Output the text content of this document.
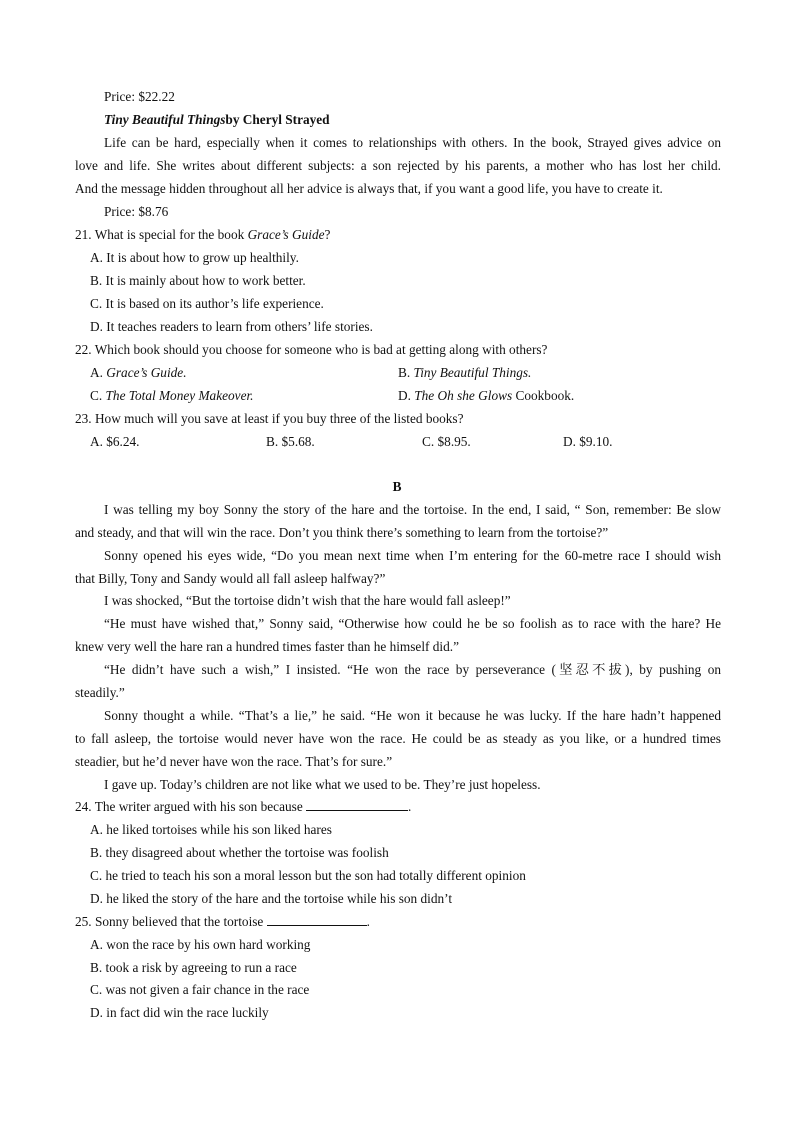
Price: $22.22
Tiny Beautiful Thingsby Cheryl Strayed
Life can be hard, especially when it comes to relationships with others. In the book, Strayed gives advice on
love and life. She writes about different subjects: a son rejected by his parents, a mother who has lost her child.
And the message hidden throughout all her advice is always that, if you want a good life, you have to create it.
Price: $8.76
21. What is special for the book Grace’s Guide?
A. It is about how to grow up healthily.
B. It is mainly about how to work better.
C. It is based on its author’s life experience.
D. It teaches readers to learn from others’ life stories.
22. Which book should you choose for someone who is bad at getting along with others?
A. Grace’s Guide.	B. Tiny Beautiful Things.
C. The Total Money Makeover.	D. The Oh she Glows Cookbook.
23. How much will you save at least if you buy three of the listed books?
A. $6.24.	B. $5.68.	C. $8.95.	D. $9.10.
B
I was telling my boy Sonny the story of the hare and the tortoise. In the end, I said, “ Son, remember: Be slow
and steady, and that will win the race. Don’t you think there’s something to learn from the tortoise?”
Sonny opened his eyes wide, “Do you mean next time when I’m entering for the 60-metre race I should wish
that Billy, Tony and Sandy would all fall asleep halfway?”
I was shocked, “But the tortoise didn’t wish that the hare would fall asleep!”
“He must have wished that,” Sonny said, “Otherwise how could he be so foolish as to race with the hare? He
knew very well the hare ran a hundred times faster than he himself did.”
“He didn’t have such a wish,” I insisted. “He won the race by perseverance (坚忍不拔), by pushing on
steadily.”
Sonny thought a while. “That’s a lie,” he said. “He won it because he was lucky. If the hare hadn’t happened
to fall asleep, the tortoise would never have won the race. He could be as steady as you like, or a hundred times
steadier, but he’d never have won the race. That’s for sure.”
I gave up. Today’s children are not like what we used to be. They’re just hopeless.
24. The writer argued with his son because	.
A. he liked tortoises while his son liked hares
B. they disagreed about whether the tortoise was foolish
C. he tried to teach his son a moral lesson but the son had totally different opinion
D. he liked the story of the hare and the tortoise while his son didn’t
25. Sonny believed that the tortoise	.
A. won the race by his own hard working
B. took a risk by agreeing to run a race
C. was not given a fair chance in the race
D. in fact did win the race luckily
